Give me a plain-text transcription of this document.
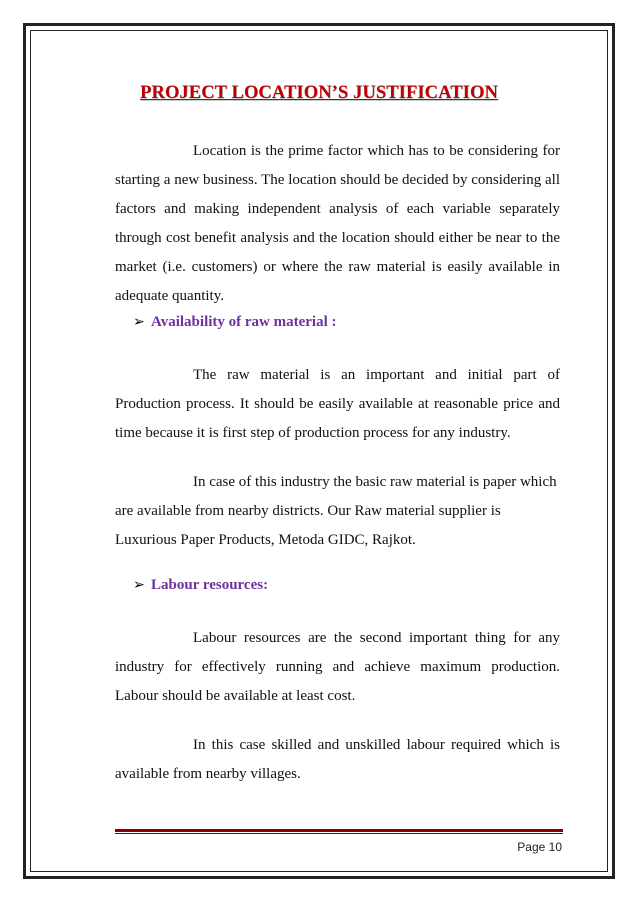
PROJECT LOCATION’S JUSTIFICATION
Location is the prime factor which has to be considering for starting a new business. The location should be decided by considering all factors and making independent analysis of each variable separately through cost benefit analysis and the location should either be near to the market (i.e. customers) or where the raw material is easily available in adequate quantity.
➢ Availability of raw material :
The raw material is an important and initial part of Production process. It should be easily available at reasonable price and time because it is first step of production process for any industry.
In case of this industry the basic raw material is paper which are available from nearby districts. Our Raw material supplier is Luxurious Paper Products, Metoda GIDC, Rajkot.
➢ Labour resources:
Labour resources are the second important thing for any industry for effectively running and achieve maximum production. Labour should be available at least cost.
In this case skilled and unskilled labour required which is available from nearby villages.
Page 10
